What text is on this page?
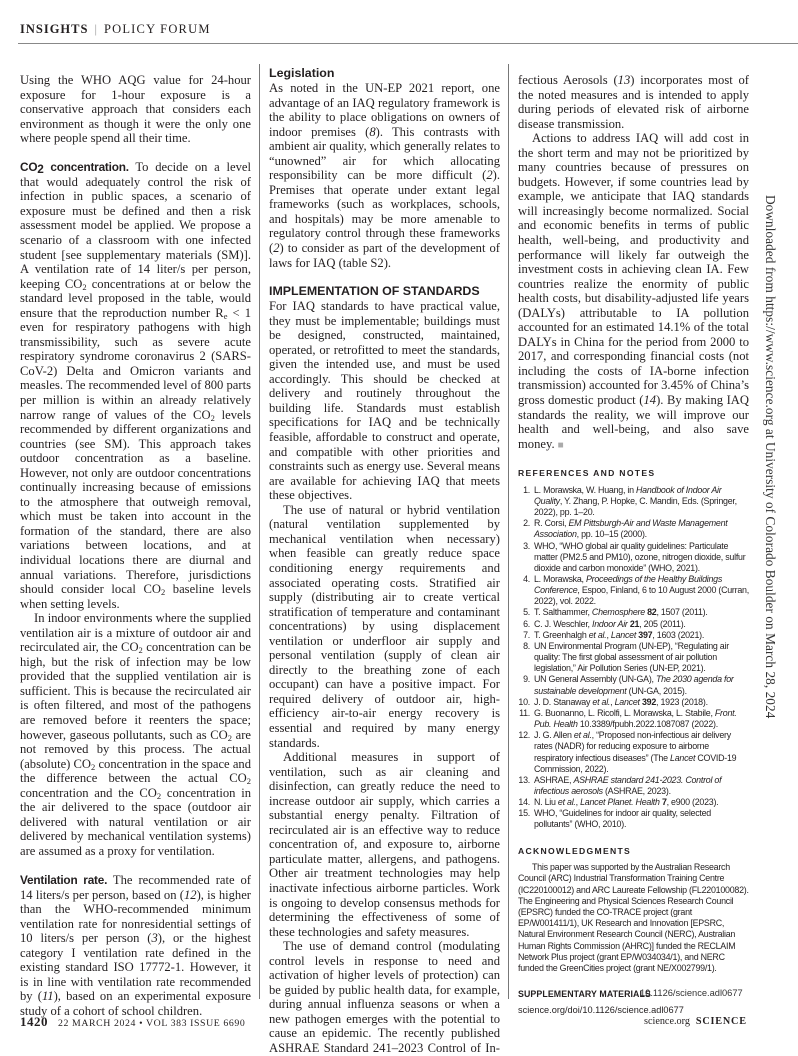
INSIGHTS | POLICY FORUM

Using the WHO AQG value for 24-hour exposure for 1-hour exposure is a conservative approach that considers each environment as though it were the only one where people spend all their time.

$CO_2$ concentration. To decide on a level that would adequately control the risk of infection in public spaces, a scenario of exposure must be defined and then a risk assessment model be applied. We propose a scenario of a classroom with one infected student [see supplementary materials (SM)]. A ventilation rate of 14 liter/s per person, keeping $CO_2$ concentrations at or below the standard level proposed in the table, would ensure that the reproduction number $R_e < 1$ even for respiratory pathogens with high transmissibility, such as severe acute respiratory syndrome coronavirus 2 (SARS-CoV-2) Delta and Omicron variants and measles. The recommended level of 800 parts per million is within an already relatively narrow range of values of the $CO_2$ levels recommended by different organizations and countries (see SM). This approach takes outdoor concentration as a baseline. However, not only are outdoor concentrations continually increasing because of emissions to the atmosphere that outweigh removal, which must be taken into account in the formation of the standard, there are also variations between locations, and at individual locations there are diurnal and annual variations. Therefore, jurisdictions should consider local $CO_2$ baseline levels when setting levels.

In indoor environments where the supplied ventilation air is a mixture of outdoor air and recirculated air, the $CO_2$ concentration can be high, but the risk of infection may be low provided that the supplied ventilation air is sufficient. This is because the recirculated air is often filtered, and most of the pathogens are removed before it reenters the space; however, gaseous pollutants, such as $CO_2$ are not removed by this process. The actual (absolute) $CO_2$ concentration in the space and the difference between the actual $CO_2$ concentration and the $CO_2$ concentration in the air delivered to the space (outdoor air delivered with natural ventilation or air delivered by mechanical ventilation systems) are assumed as a proxy for ventilation.

Ventilation rate. The recommended rate of 14 liters/s per person, based on (12), is higher than the WHO-recommended minimum ventilation rate for nonresidential settings of 10 liters/s per person (3), or the highest category I ventilation rate defined in the existing standard ISO 17772-1. However, it is in line with ventilation rate recommended by (11), based on an experimental exposure study of a cohort of school children.

Legislation

As noted in the UN-EP 2021 report, one advantage of an IAQ regulatory framework is the ability to place obligations on owners of indoor premises (8). This contrasts with ambient air quality, which generally relates to “unowned” air for which allocating responsibility can be more difficult (2). Premises that operate under extant legal frameworks (such as workplaces, schools, and hospitals) may be more amenable to regulatory control through these frameworks (2) to consider as part of the development of laws for IAQ (table S2).

IMPLEMENTATION OF STANDARDS

For IAQ standards to have practical value, they must be implementable; buildings must be designed, constructed, maintained, operated, or retrofitted to meet the standards, given the intended use, and must be used accordingly. This should be checked at delivery and routinely throughout the building life. Standards must establish specifications for IAQ and be technically feasible, affordable to construct and operate, and compatible with other priorities and constraints such as energy use. Several means are available for achieving IAQ that meets these objectives.

The use of natural or hybrid ventilation (natural ventilation supplemented by mechanical ventilation when necessary) when feasible can greatly reduce space conditioning energy requirements and associated operating costs. Stratified air supply (distributing air to create vertical stratification of temperature and contaminant concentrations) by using displacement ventilation or underfloor air supply and personal ventilation (supply of clean air directly to the breathing zone of each occupant) can have a positive impact. For required delivery of outdoor air, high-efficiency air-to-air energy recovery is essential and required by many energy standards.

Additional measures in support of ventilation, such as air cleaning and disinfection, can greatly reduce the need to increase outdoor air supply, which carries a substantial energy penalty. Filtration of recirculated air is an effective way to reduce concentration of, and exposure to, airborne particulate matter, allergens, and pathogens. Other air treatment technologies may help inactivate infectious airborne particles. Work is ongoing to develop consensus methods for determining the effectiveness of some of these technologies and safety measures.

The use of demand control (modulating control levels in response to need and activation of higher levels of protection) can be guided by public health data, for example, during annual influenza seasons or when a new pathogen emerges with the potential to cause an epidemic. The recently published ASHRAE Standard 241–2023 Control of In-

fectious Aerosols (13) incorporates most of the noted measures and is intended to apply during periods of elevated risk of airborne disease transmission.

Actions to address IAQ will add cost in the short term and may not be prioritized by many countries because of pressures on budgets. However, if some countries lead by example, we anticipate that IAQ standards will increasingly become normalized. Social and economic benefits in terms of public health, well-being, and productivity and performance will likely far outweigh the investment costs in achieving clean IA. Few countries realize the enormity of public health costs, but disability-adjusted life years (DALYs) attributable to IA pollution accounted for an estimated 14.1% of the total DALYs in China for the period from 2000 to 2017, and corresponding financial costs (not including the costs of IA-borne infection transmission) accounted for 3.45% of China’s gross domestic product (14). By making IAQ standards the reality, we will improve our health and well-being, and also save money. ■

REFERENCES AND NOTES
1. L. Morawska, W. Huang, in Handbook of Indoor Air Quality, Y. Zhang, P. Hopke, C. Mandin, Eds. (Springer, 2022), pp. 1–20.
2. R. Corsi, EM Pittsburgh-Air and Waste Management Association, pp. 10–15 (2000).
3. WHO, “WHO global air quality guidelines: Particulate matter (PM2.5 and PM10), ozone, nitrogen dioxide, sulfur dioxide and carbon monoxide” (WHO, 2021).
4. L. Morawska, Proceedings of the Healthy Buildings Conference, Espoo, Finland, 6 to 10 August 2000 (Curran, 2022), vol. 2022.
5. T. Salthammer, Chemosphere 82, 1507 (2011).
6. C. J. Weschler, Indoor Air 21, 205 (2011).
7. T. Greenhalgh et al., Lancet 397, 1603 (2021).
8. UN Environmental Program (UN-EP), “Regulating air quality: The first global assessment of air pollution legislation,” Air Pollution Series (UN-EP, 2021).
9. UN General Assembly (UN-GA), The 2030 agenda for sustainable development (UN-GA, 2015).
10. J. D. Stanaway et al., Lancet 392, 1923 (2018).
11. G. Buonanno, L. Ricolfi, L. Morawska, L. Stabile, Front. Pub. Health 10.3389/fpubh.2022.1087087 (2022).
12. J. G. Allen et al., “Proposed non-infectious air delivery rates (NADR) for reducing exposure to airborne respiratory infectious diseases” (The Lancet COVID-19 Commission, 2022).
13. ASHRAE, ASHRAE standard 241-2023. Control of infectious aerosols (ASHRAE, 2023).
14. N. Liu et al., Lancet Planet. Health 7, e900 (2023).
15. WHO, “Guidelines for indoor air quality, selected pollutants” (WHO, 2010).
ACKNOWLEDGMENTS

This paper was supported by the Australian Research Council (ARC) Industrial Transformation Training Centre (IC220100012) and ARC Laureate Fellowship (FL220100082). The Engineering and Physical Sciences Research Council (EPSRC) funded the CO-TRACE project (grant EP/W001411/1), UK Research and Innovation [EPSRC, Natural Environment Research Council (NERC), Australian Human Rights Commission (AHRC)] funded the RECLAIM Network Plus project (grant EP/W034034/1), and NERC funded the GreenCities project (grant NE/X002799/1).

SUPPLEMENTARY MATERIALS
science.org/doi/10.1126/science.adl0677
10.1126/science.adl0677
1420 22 MARCH 2024 • VOL 383 ISSUE 6690	science.org SCIENCE
Downloaded from https://www.science.org at University of Colorado Boulder on March 28, 2024
